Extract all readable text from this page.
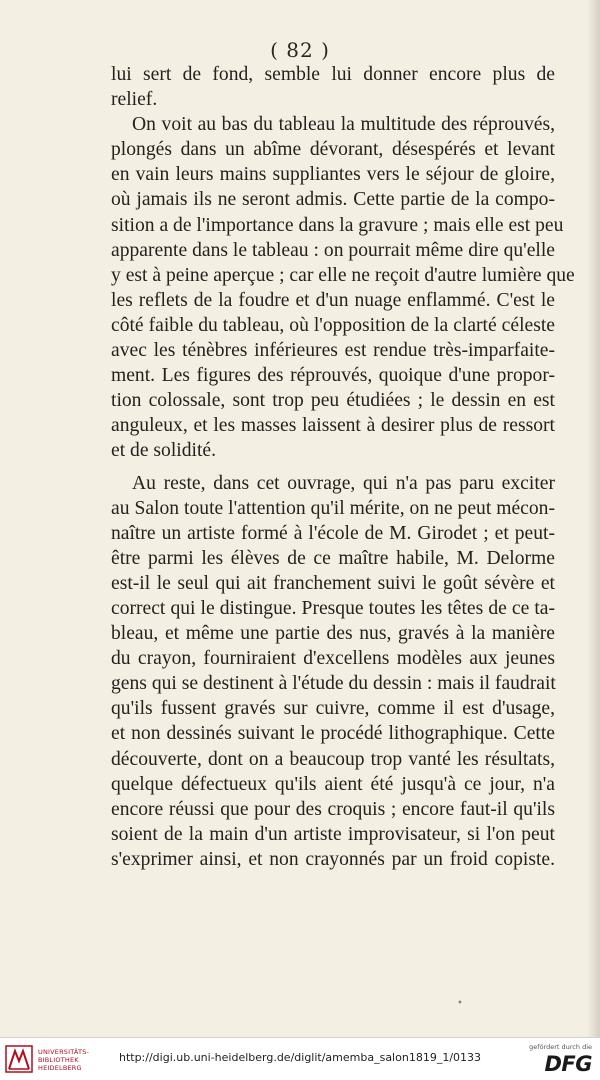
( 82 )
lui sert de fond, semble lui donner encore plus de
relief.
On voit au bas du tableau la multitude des réprouvés,
plongés dans un abîme dévorant, désespérés et levant
en vain leurs mains suppliantes vers le séjour de gloire,
où jamais ils ne seront admis. Cette partie de la compo-
sition a de l'importance dans la gravure ; mais elle est peu
apparente dans le tableau : on pourrait même dire qu'elle
y est à peine aperçue ; car elle ne reçoit d'autre lumière que
les reflets de la foudre et d'un nuage enflammé. C'est le
côté faible du tableau, où l'opposition de la clarté céleste
avec les ténèbres inférieures est rendue très-imparfaite-
ment. Les figures des réprouvés, quoique d'une propor-
tion colossale, sont trop peu étudiées ; le dessin en est
anguleux, et les masses laissent à desirer plus de ressort
et de solidité.
Au reste, dans cet ouvrage, qui n'a pas paru exciter
au Salon toute l'attention qu'il mérite, on ne peut mécon-
naître un artiste formé à l'école de M. Girodet ; et peut-
être parmi les élèves de ce maître habile, M. Delorme
est-il le seul qui ait franchement suivi le goût sévère et
correct qui le distingue. Presque toutes les têtes de ce ta-
bleau, et même une partie des nus, gravés à la manière
du crayon, fourniraient d'excellens modèles aux jeunes
gens qui se destinent à l'étude du dessin : mais il faudrait
qu'ils fussent gravés sur cuivre, comme il est d'usage,
et non dessinés suivant le procédé lithographique. Cette
découverte, dont on a beaucoup trop vanté les résultats,
quelque défectueux qu'ils aient été jusqu'à ce jour, n'a
encore réussi que pour des croquis ; encore faut-il qu'ils
soient de la main d'un artiste improvisateur, si l'on peut
s'exprimer ainsi, et non crayonnés par un froid copiste.
•
UNIVERSITÄTS-
BIBLIOTHEK
HEIDELBERG
http://digi.ub.uni-heidelberg.de/diglit/amemba_salon1819_1/0133
gefördert durch die
DFG
